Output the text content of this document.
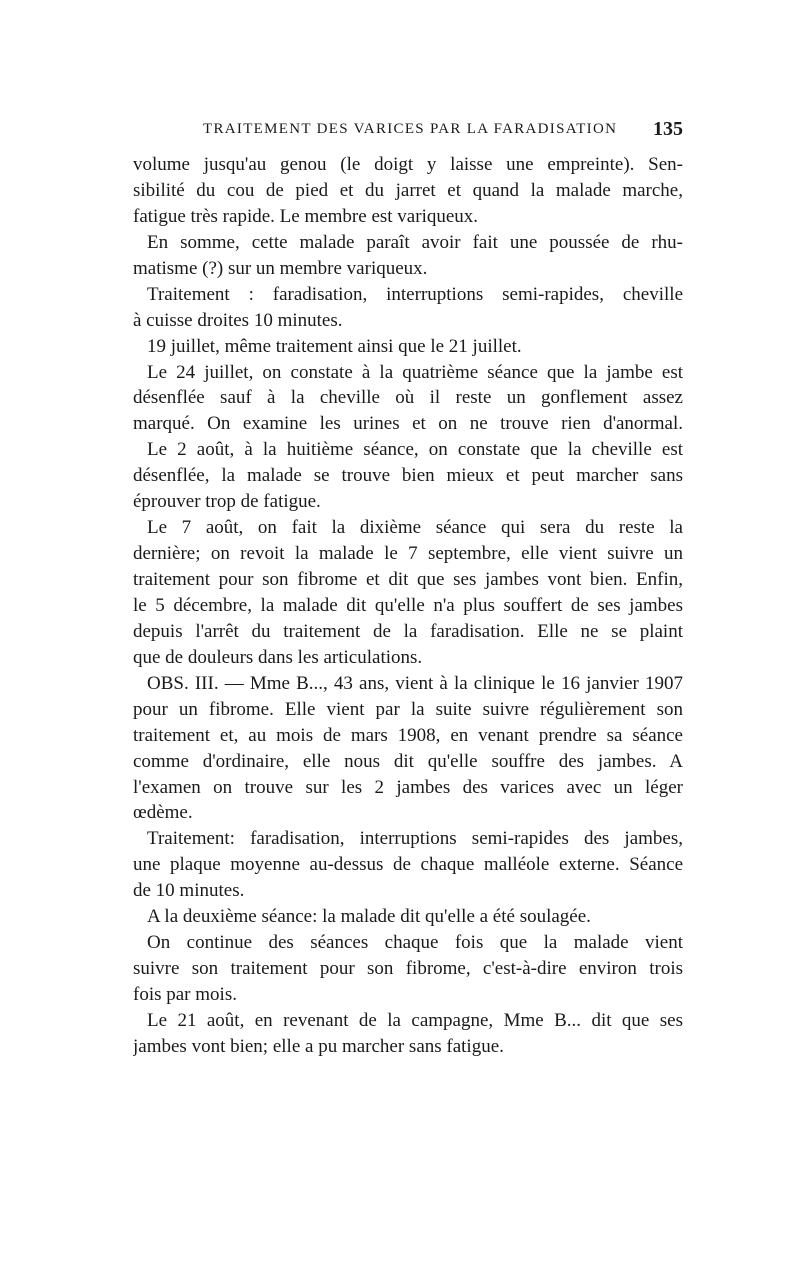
TRAITEMENT DES VARICES PAR LA FARADISATION 135
volume jusqu'au genou (le doigt y laisse une empreinte). Sen-
sibilité du cou de pied et du jarret et quand la malade marche,
fatigue très rapide. Le membre est variqueux.
En somme, cette malade paraît avoir fait une poussée de rhu-
matisme (?) sur un membre variqueux.
Traitement : faradisation, interruptions semi-rapides, cheville
à cuisse droites 10 minutes.
19 juillet, même traitement ainsi que le 21 juillet.
Le 24 juillet, on constate à la quatrième séance que la jambe est
désenflée sauf à la cheville où il reste un gonflement assez
marqué. On examine les urines et on ne trouve rien d'anormal.
Le 2 août, à la huitième séance, on constate que la cheville est
désenflée, la malade se trouve bien mieux et peut marcher sans
éprouver trop de fatigue.
Le 7 août, on fait la dixième séance qui sera du reste la
dernière; on revoit la malade le 7 septembre, elle vient suivre un
traitement pour son fibrome et dit que ses jambes vont bien. Enfin,
le 5 décembre, la malade dit qu'elle n'a plus souffert de ses jambes
depuis l'arrêt du traitement de la faradisation. Elle ne se plaint
que de douleurs dans les articulations.
OBS. III. — Mme B..., 43 ans, vient à la clinique le 16 janvier 1907
pour un fibrome. Elle vient par la suite suivre régulièrement son
traitement et, au mois de mars 1908, en venant prendre sa séance
comme d'ordinaire, elle nous dit qu'elle souffre des jambes. A
l'examen on trouve sur les 2 jambes des varices avec un léger
œdème.
Traitement: faradisation, interruptions semi-rapides des jambes,
une plaque moyenne au-dessus de chaque malléole externe. Séance
de 10 minutes.
A la deuxième séance: la malade dit qu'elle a été soulagée.
On continue des séances chaque fois que la malade vient
suivre son traitement pour son fibrome, c'est-à-dire environ trois
fois par mois.
Le 21 août, en revenant de la campagne, Mme B... dit que ses
jambes vont bien; elle a pu marcher sans fatigue.
